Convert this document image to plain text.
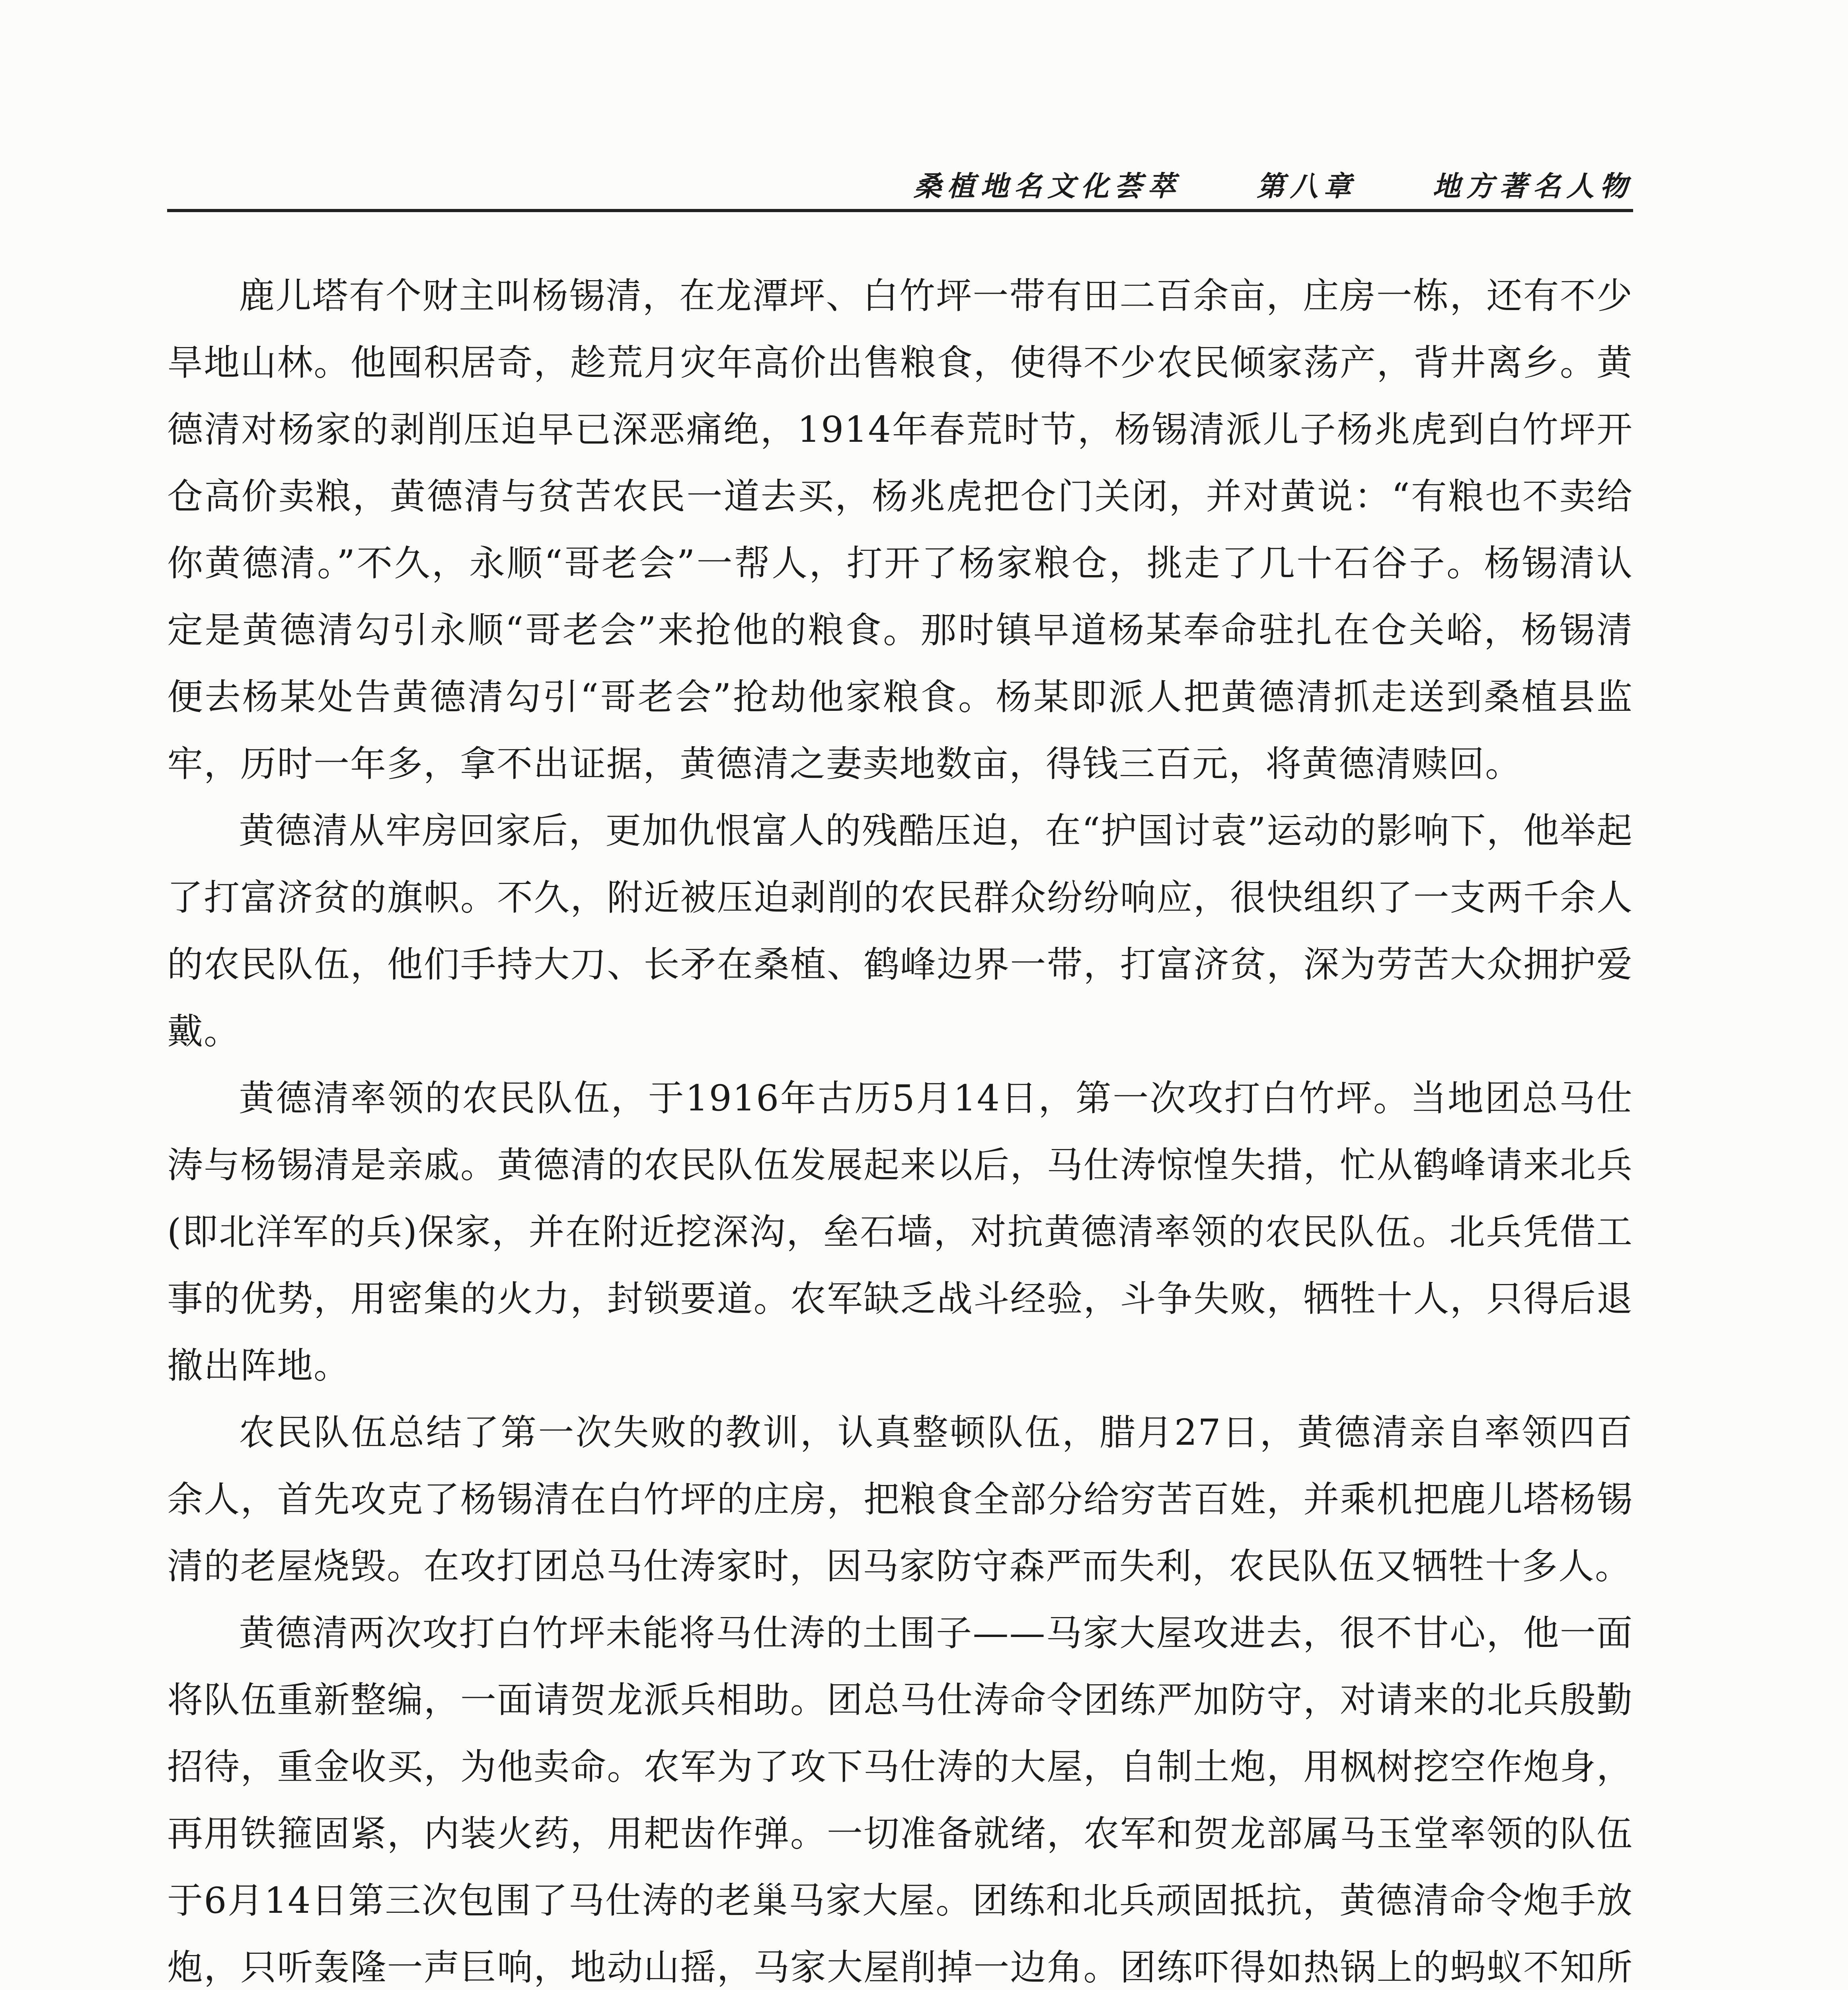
桑植地名文化荟萃	第八章	地方著名人物

鹿儿塔有个财主叫杨锡清，在龙潭坪、白竹坪一带有田二百余亩，庄房一栋，还有不少旱地山林。他囤积居奇，趁荒月灾年高价出售粮食，使得不少农民倾家荡产，背井离乡。黄德清对杨家的剥削压迫早已深恶痛绝，1914年春荒时节，杨锡清派儿子杨兆虎到白竹坪开仓高价卖粮，黄德清与贫苦农民一道去买，杨兆虎把仓门关闭，并对黄说：“有粮也不卖给你黄德清。”不久，永顺“哥老会”一帮人，打开了杨家粮仓，挑走了几十石谷子。杨锡清认定是黄德清勾引永顺“哥老会”来抢他的粮食。那时镇早道杨某奉命驻扎在仓关峪，杨锡清便去杨某处告黄德清勾引“哥老会”抢劫他家粮食。杨某即派人把黄德清抓走送到桑植县监牢，历时一年多，拿不出证据，黄德清之妻卖地数亩，得钱三百元，将黄德清赎回。

黄德清从牢房回家后，更加仇恨富人的残酷压迫，在“护国讨袁”运动的影响下，他举起了打富济贫的旗帜。不久，附近被压迫剥削的农民群众纷纷响应，很快组织了一支两千余人的农民队伍，他们手持大刀、长矛在桑植、鹤峰边界一带，打富济贫，深为劳苦大众拥护爱戴。

黄德清率领的农民队伍，于1916年古历5月14日，第一次攻打白竹坪。当地团总马仕涛与杨锡清是亲戚。黄德清的农民队伍发展起来以后，马仕涛惊惶失措，忙从鹤峰请来北兵(即北洋军的兵)保家，并在附近挖深沟，垒石墙，对抗黄德清率领的农民队伍。北兵凭借工事的优势，用密集的火力，封锁要道。农军缺乏战斗经验，斗争失败，牺牲十人，只得后退撤出阵地。

农民队伍总结了第一次失败的教训，认真整顿队伍，腊月27日，黄德清亲自率领四百余人，首先攻克了杨锡清在白竹坪的庄房，把粮食全部分给穷苦百姓，并乘机把鹿儿塔杨锡清的老屋烧毁。在攻打团总马仕涛家时，因马家防守森严而失利，农民队伍又牺牲十多人。

黄德清两次攻打白竹坪未能将马仕涛的土围子——马家大屋攻进去，很不甘心，他一面将队伍重新整编，一面请贺龙派兵相助。团总马仕涛命令团练严加防守，对请来的北兵殷勤招待，重金收买，为他卖命。农军为了攻下马仕涛的大屋，自制土炮，用枫树挖空作炮身，再用铁箍固紧，内装火药，用耙齿作弹。一切准备就绪，农军和贺龙部属马玉堂率领的队伍于6月14日第三次包围了马仕涛的老巢马家大屋。团练和北兵顽固抵抗，黄德清命令炮手放炮，只听轰隆一声巨响，地动山摇，马家大屋削掉一边角。团练吓得如热锅上的蚂蚁不知所
